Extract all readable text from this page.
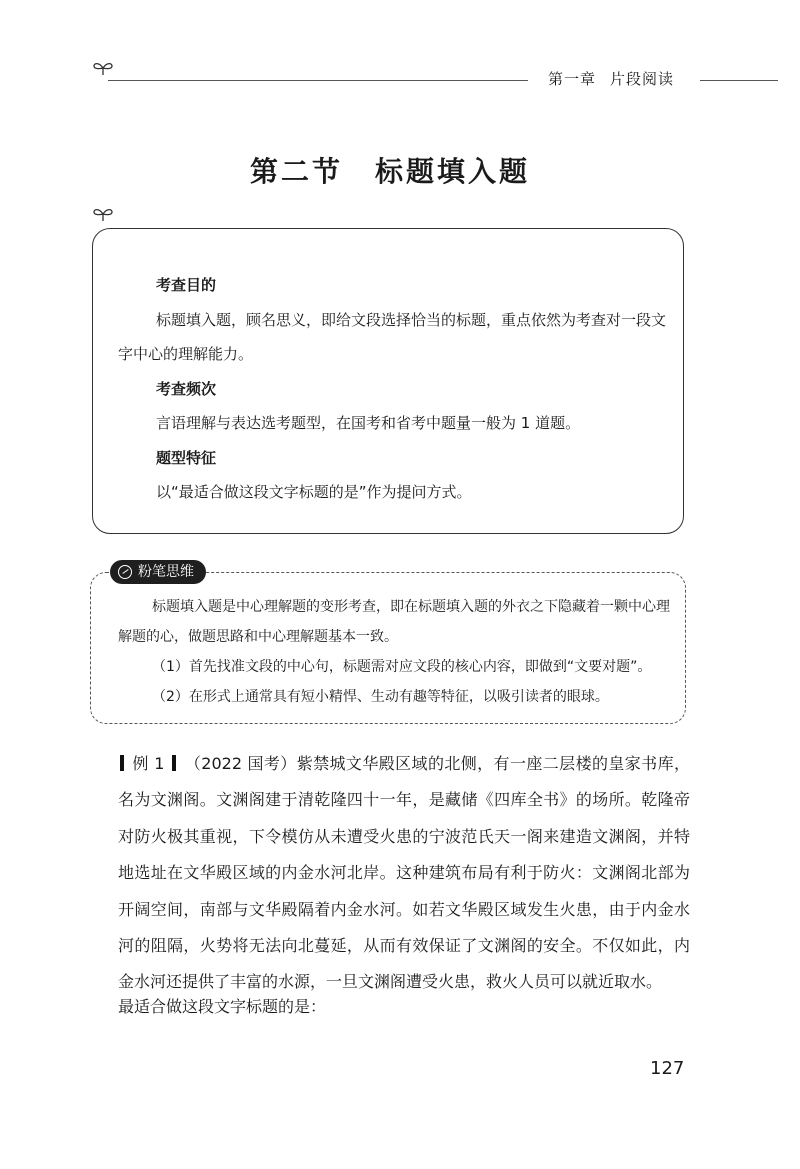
第一章 片段阅读
第二节 标题填入题
考查目的
标题填入题，顾名思义，即给文段选择恰当的标题，重点依然为考查对一段文字中心的理解能力。
考查频次
言语理解与表达选考题型，在国考和省考中题量一般为 1 道题。
题型特征
以“最适合做这段文字标题的是”作为提问方式。
粉笔思维
标题填入题是中心理解题的变形考查，即在标题填入题的外衣之下隐藏着一颗中心理解题的心，做题思路和中心理解题基本一致。
（1）首先找准文段的中心句，标题需对应文段的核心内容，即做到“文要对题”。
（2）在形式上通常具有短小精悍、生动有趣等特征，以吸引读者的眼球。
例 1 （2022 国考）紫禁城文华殿区域的北侧，有一座二层楼的皇家书库，名为文渊阁。文渊阁建于清乾隆四十一年，是藏储《四库全书》的场所。乾隆帝对防火极其重视，下令模仿从未遭受火患的宁波范氏天一阁来建造文渊阁，并特地选址在文华殿区域的内金水河北岸。这种建筑布局有利于防火：文渊阁北部为开阔空间，南部与文华殿隔着内金水河。如若文华殿区域发生火患，由于内金水河的阻隔，火势将无法向北蔓延，从而有效保证了文渊阁的安全。不仅如此，内金水河还提供了丰富的水源，一旦文渊阁遭受火患，救火人员可以就近取水。
最适合做这段文字标题的是：
127
